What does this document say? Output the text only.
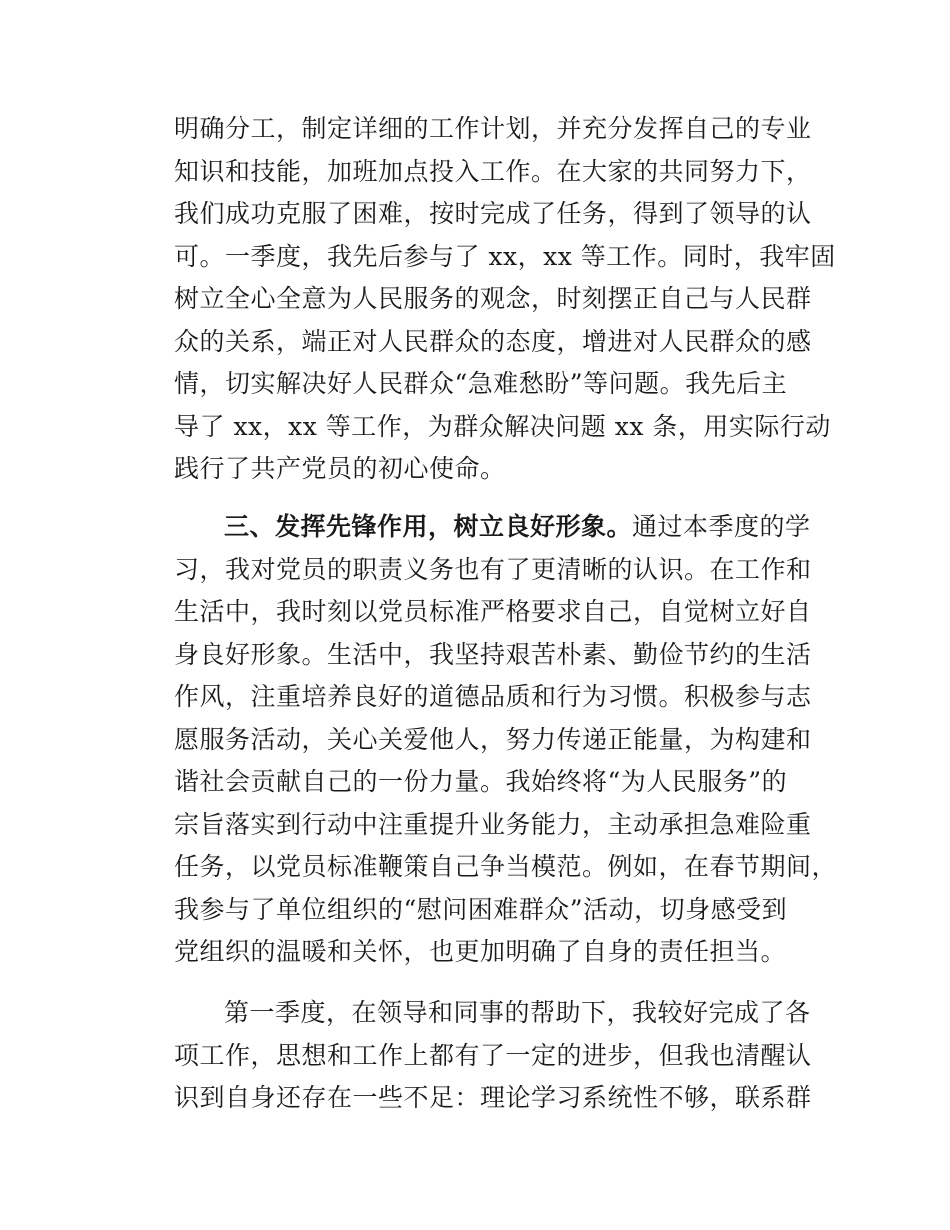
明确分工，制定详细的工作计划，并充分发挥自己的专业
知识和技能，加班加点投入工作。在大家的共同努力下，
我们成功克服了困难，按时完成了任务，得到了领导的认
可。一季度，我先后参与了 xx，xx 等工作。同时，我牢固
树立全心全意为人民服务的观念，时刻摆正自己与人民群
众的关系，端正对人民群众的态度，增进对人民群众的感
情，切实解决好人民群众“急难愁盼”等问题。我先后主
导了 xx，xx 等工作，为群众解决问题 xx 条，用实际行动
践行了共产党员的初心使命。
三、发挥先锋作用，树立良好形象。通过本季度的学
习，我对党员的职责义务也有了更清晰的认识。在工作和
生活中，我时刻以党员标准严格要求自己，自觉树立好自
身良好形象。生活中，我坚持艰苦朴素、勤俭节约的生活
作风，注重培养良好的道德品质和行为习惯。积极参与志
愿服务活动，关心关爱他人，努力传递正能量，为构建和
谐社会贡献自己的一份力量。我始终将“为人民服务”的
宗旨落实到行动中注重提升业务能力，主动承担急难险重
任务，以党员标准鞭策自己争当模范。例如，在春节期间，
我参与了单位组织的“慰问困难群众”活动，切身感受到
党组织的温暖和关怀，也更加明确了自身的责任担当。
第一季度，在领导和同事的帮助下，我较好完成了各
项工作，思想和工作上都有了一定的进步，但我也清醒认
识到自身还存在一些不足：理论学习系统性不够，联系群
